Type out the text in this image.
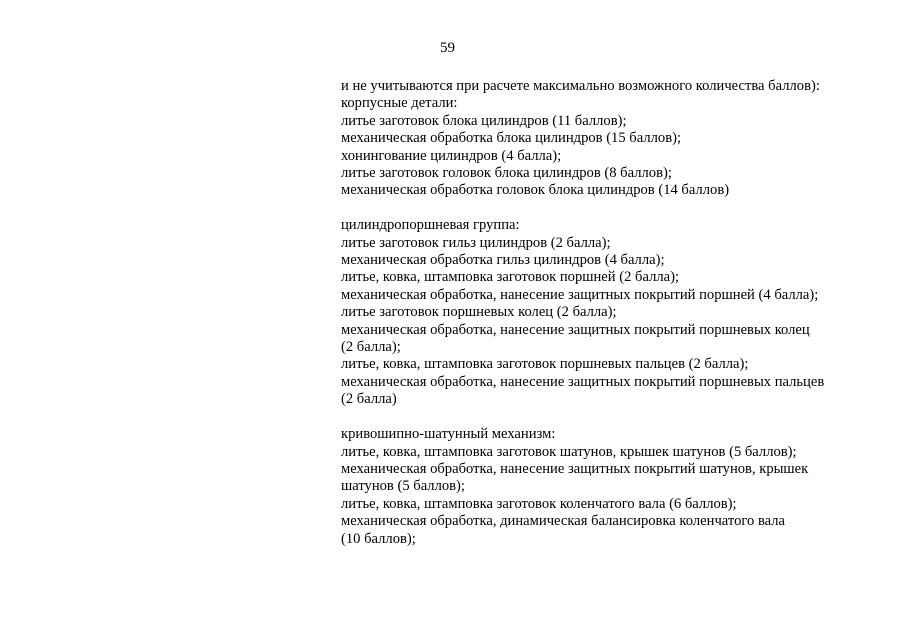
59
и не учитываются при расчете максимально возможного количества баллов):
корпусные детали:
литье заготовок блока цилиндров (11 баллов);
механическая обработка блока цилиндров (15 баллов);
хонингование цилиндров (4 балла);
литье заготовок головок блока цилиндров (8 баллов);
механическая обработка головок блока цилиндров (14 баллов)
цилиндропоршневая группа:
литье заготовок гильз цилиндров (2 балла);
механическая обработка гильз цилиндров (4 балла);
литье, ковка, штамповка заготовок поршней (2 балла);
механическая обработка, нанесение защитных покрытий поршней (4 балла);
литье заготовок поршневых колец (2 балла);
механическая обработка, нанесение защитных покрытий поршневых колец
(2 балла);
литье, ковка, штамповка заготовок поршневых пальцев (2 балла);
механическая обработка, нанесение защитных покрытий поршневых пальцев
(2 балла)
кривошипно-шатунный механизм:
литье, ковка, штамповка заготовок шатунов, крышек шатунов (5 баллов);
механическая обработка, нанесение защитных покрытий шатунов, крышек
шатунов (5 баллов);
литье, ковка, штамповка заготовок коленчатого вала (6 баллов);
механическая обработка, динамическая балансировка коленчатого вала
(10 баллов);
